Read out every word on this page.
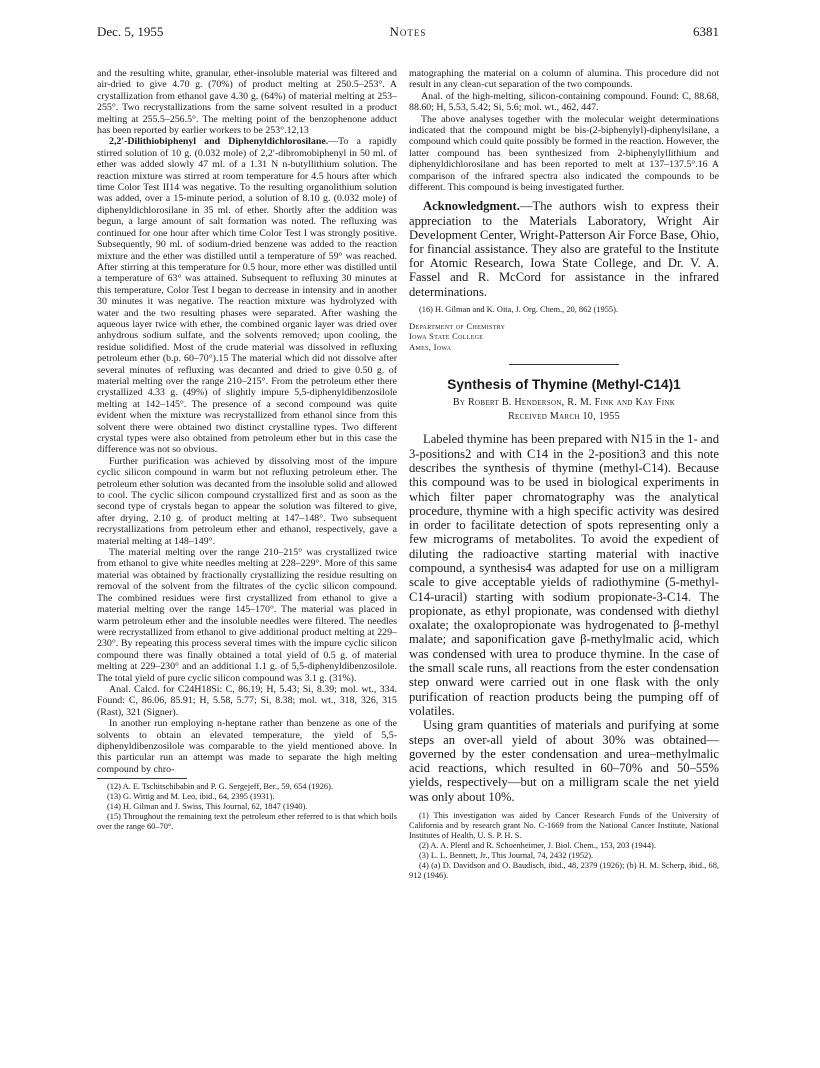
Dec. 5, 1955	Notes	6381

and the resulting white, granular, ether-insoluble material was filtered and air-dried to give 4.70 g. (70%) of product melting at 250.5–253°. A crystallization from ethanol gave 4.30 g. (64%) of material melting at 253–255°. Two recrystallizations from the same solvent resulted in a product melting at 255.5–256.5°. The melting point of the benzophenone adduct has been reported by earlier workers to be 253°.12,13

2,2′-Dilithiobiphenyl and Diphenyldichlorosilane.—To a rapidly stirred solution of 10 g. (0.032 mole) of 2,2′-dibromobiphenyl in 50 ml. of ether was added slowly 47 ml. of a 1.31 N n-butyllithium solution. The reaction mixture was stirred at room temperature for 4.5 hours after which time Color Test II14 was negative. To the resulting organolithium solution was added, over a 15-minute period, a solution of 8.10 g. (0.032 mole) of diphenyldichlorosilane in 35 ml. of ether. Shortly after the addition was begun, a large amount of salt formation was noted. The refluxing was continued for one hour after which time Color Test I was strongly positive. Subsequently, 90 ml. of sodium-dried benzene was added to the reaction mixture and the ether was distilled until a temperature of 59° was reached. After stirring at this temperature for 0.5 hour, more ether was distilled until a temperature of 63° was attained. Subsequent to refluxing 30 minutes at this temperature, Color Test I began to decrease in intensity and in another 30 minutes it was negative. The reaction mixture was hydrolyzed with water and the two resulting phases were separated. After washing the aqueous layer twice with ether, the combined organic layer was dried over anhydrous sodium sulfate, and the solvents removed; upon cooling, the residue solidified. Most of the crude material was dissolved in refluxing petroleum ether (b.p. 60–70°).15 The material which did not dissolve after several minutes of refluxing was decanted and dried to give 0.50 g. of material melting over the range 210–215°. From the petroleum ether there crystallized 4.33 g. (49%) of slightly impure 5,5-diphenyldibenzosilole melting at 142–145°. The presence of a second compound was quite evident when the mixture was recrystallized from ethanol since from this solvent there were obtained two distinct crystalline types. Two different crystal types were also obtained from petroleum ether but in this case the difference was not so obvious.

Further purification was achieved by dissolving most of the impure cyclic silicon compound in warm but not refluxing petroleum ether. The petroleum ether solution was decanted from the insoluble solid and allowed to cool. The cyclic silicon compound crystallized first and as soon as the second type of crystals began to appear the solution was filtered to give, after drying, 2.10 g. of product melting at 147–148°. Two subsequent recrystallizations from petroleum ether and ethanol, respectively, gave a material melting at 148–149°.

The material melting over the range 210–215° was crystallized twice from ethanol to give white needles melting at 228–229°. More of this same material was obtained by fractionally crystallizing the residue resulting on removal of the solvent from the filtrates of the cyclic silicon compound. The combined residues were first crystallized from ethanol to give a material melting over the range 145–170°. The material was placed in warm petroleum ether and the insoluble needles were filtered. The needles were recrystallized from ethanol to give additional product melting at 229–230°. By repeating this process several times with the impure cyclic silicon compound there was finally obtained a total yield of 0.5 g. of material melting at 229–230° and an additional 1.1 g. of 5,5-diphenyldibenzosilole. The total yield of pure cyclic silicon compound was 3.1 g. (31%).

Anal. Calcd. for C24H18Si: C, 86.19; H, 5.43; Si, 8.39; mol. wt., 334. Found: C, 86.06, 85.91; H, 5.58, 5.77; Si, 8.38; mol. wt., 318, 326, 315 (Rast), 321 (Signer).

In another run employing n-heptane rather than benzene as one of the solvents to obtain an elevated temperature, the yield of 5,5-diphenyldibenzosilole was comparable to the yield mentioned above. In this particular run an attempt was made to separate the high melting compound by chro-

(12) A. E. Tschitschibabin and P. G. Sergejeff, Ber., 59, 654 (1926).

(13) G. Wittig and M. Leo, ibid., 64, 2395 (1931).

(14) H. Gilman and J. Swiss, This Journal, 62, 1847 (1940).

(15) Throughout the remaining text the petroleum ether referred to is that which boils over the range 60–70°.

matographing the material on a column of alumina. This procedure did not result in any clean-cut separation of the two compounds.

Anal. of the high-melting, silicon-containing compound. Found: C, 88.68, 88.60; H, 5.53, 5.42; Si, 5.6; mol. wt., 462, 447.

The above analyses together with the molecular weight determinations indicated that the compound might be bis-(2-biphenylyl)-diphenylsilane, a compound which could quite possibly be formed in the reaction. However, the latter compound has been synthesized from 2-biphenylyllithium and diphenyldichlorosilane and has been reported to melt at 137–137.5°.16 A comparison of the infrared spectra also indicated the compounds to be different. This compound is being investigated further.

Acknowledgment.—The authors wish to express their appreciation to the Materials Laboratory, Wright Air Development Center, Wright-Patterson Air Force Base, Ohio, for financial assistance. They also are grateful to the Institute for Atomic Research, Iowa State College, and Dr. V. A. Fassel and R. McCord for assistance in the infrared determinations.

(16) H. Gilman and K. Oita, J. Org. Chem., 20, 862 (1955).

Department of Chemistry
Iowa State College
Ames, Iowa
Synthesis of Thymine (Methyl-C14)1
By Robert B. Henderson, R. M. Fink and Kay Fink
Received March 10, 1955

Labeled thymine has been prepared with N15 in the 1- and 3-positions2 and with C14 in the 2-position3 and this note describes the synthesis of thymine (methyl-C14). Because this compound was to be used in biological experiments in which filter paper chromatography was the analytical procedure, thymine with a high specific activity was desired in order to facilitate detection of spots representing only a few micrograms of metabolites. To avoid the expedient of diluting the radioactive starting material with inactive compound, a synthesis4 was adapted for use on a milligram scale to give acceptable yields of radiothymine (5-methyl-C14-uracil) starting with sodium propionate-3-C14. The propionate, as ethyl propionate, was condensed with diethyl oxalate; the oxalopropionate was hydrogenated to β-methyl malate; and saponification gave β-methylmalic acid, which was condensed with urea to produce thymine. In the case of the small scale runs, all reactions from the ester condensation step onward were carried out in one flask with the only purification of reaction products being the pumping off of volatiles.

Using gram quantities of materials and purifying at some steps an over-all yield of about 30% was obtained—governed by the ester condensation and urea–methylmalic acid reactions, which resulted in 60–70% and 50–55% yields, respectively—but on a milligram scale the net yield was only about 10%.

(1) This investigation was aided by Cancer Research Funds of the University of California and by research grant No. C-1669 from the National Cancer Institute, National Institutes of Health, U. S. P. H. S.

(2) A. A. Plentl and R. Schoenheimer, J. Biol. Chem., 153, 203 (1944).

(3) L. L. Bennett, Jr., This Journal, 74, 2432 (1952).

(4) (a) D. Davidson and O. Baudisch, ibid., 48, 2379 (1926); (b) H. M. Scherp, ibid., 68, 912 (1946).
